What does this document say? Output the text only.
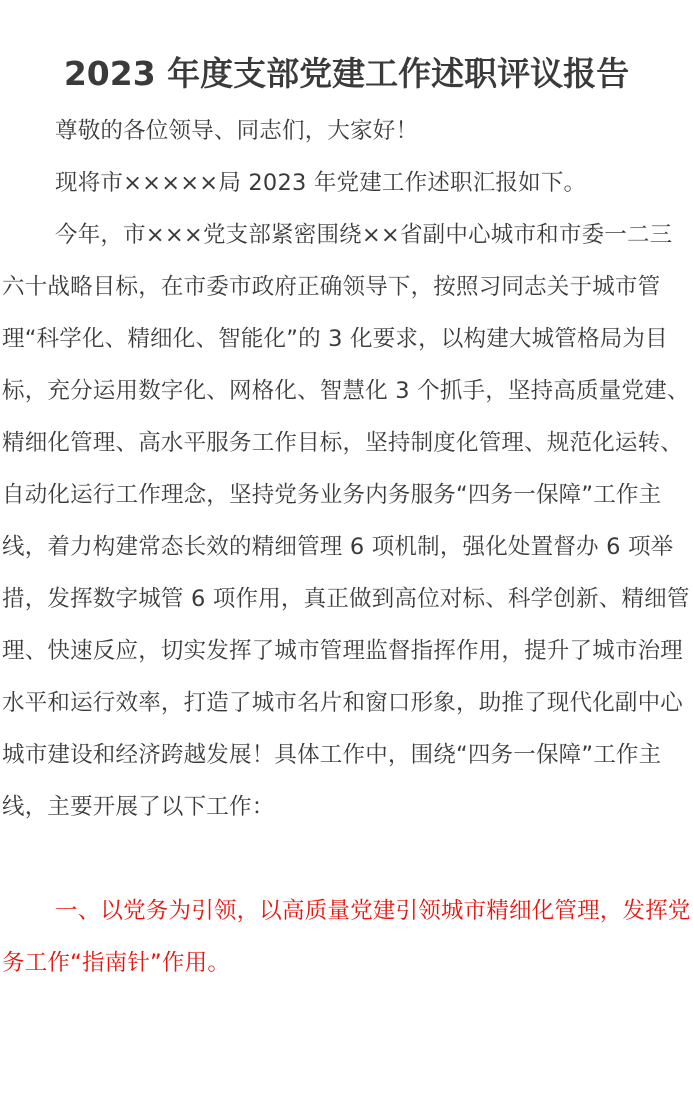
2023 年度支部党建工作述职评议报告

尊敬的各位领导、同志们，大家好！

现将市×××××局 2023 年党建工作述职汇报如下。

今年，市×××党支部紧密围绕××省副中心城市和市委一二三六十战略目标，在市委市政府正确领导下，按照习同志关于城市管理“科学化、精细化、智能化”的 3 化要求，以构建大城管格局为目标，充分运用数字化、网格化、智慧化 3 个抓手，坚持高质量党建、精细化管理、高水平服务工作目标，坚持制度化管理、规范化运转、自动化运行工作理念，坚持党务业务内务服务“四务一保障”工作主线，着力构建常态长效的精细管理 6 项机制，强化处置督办 6 项举措，发挥数字城管 6 项作用，真正做到高位对标、科学创新、精细管理、快速反应，切实发挥了城市管理监督指挥作用，提升了城市治理水平和运行效率，打造了城市名片和窗口形象，助推了现代化副中心城市建设和经济跨越发展！具体工作中，围绕“四务一保障”工作主线，主要开展了以下工作：

一、以党务为引领，以高质量党建引领城市精细化管理，发挥党务工作“指南针”作用。
